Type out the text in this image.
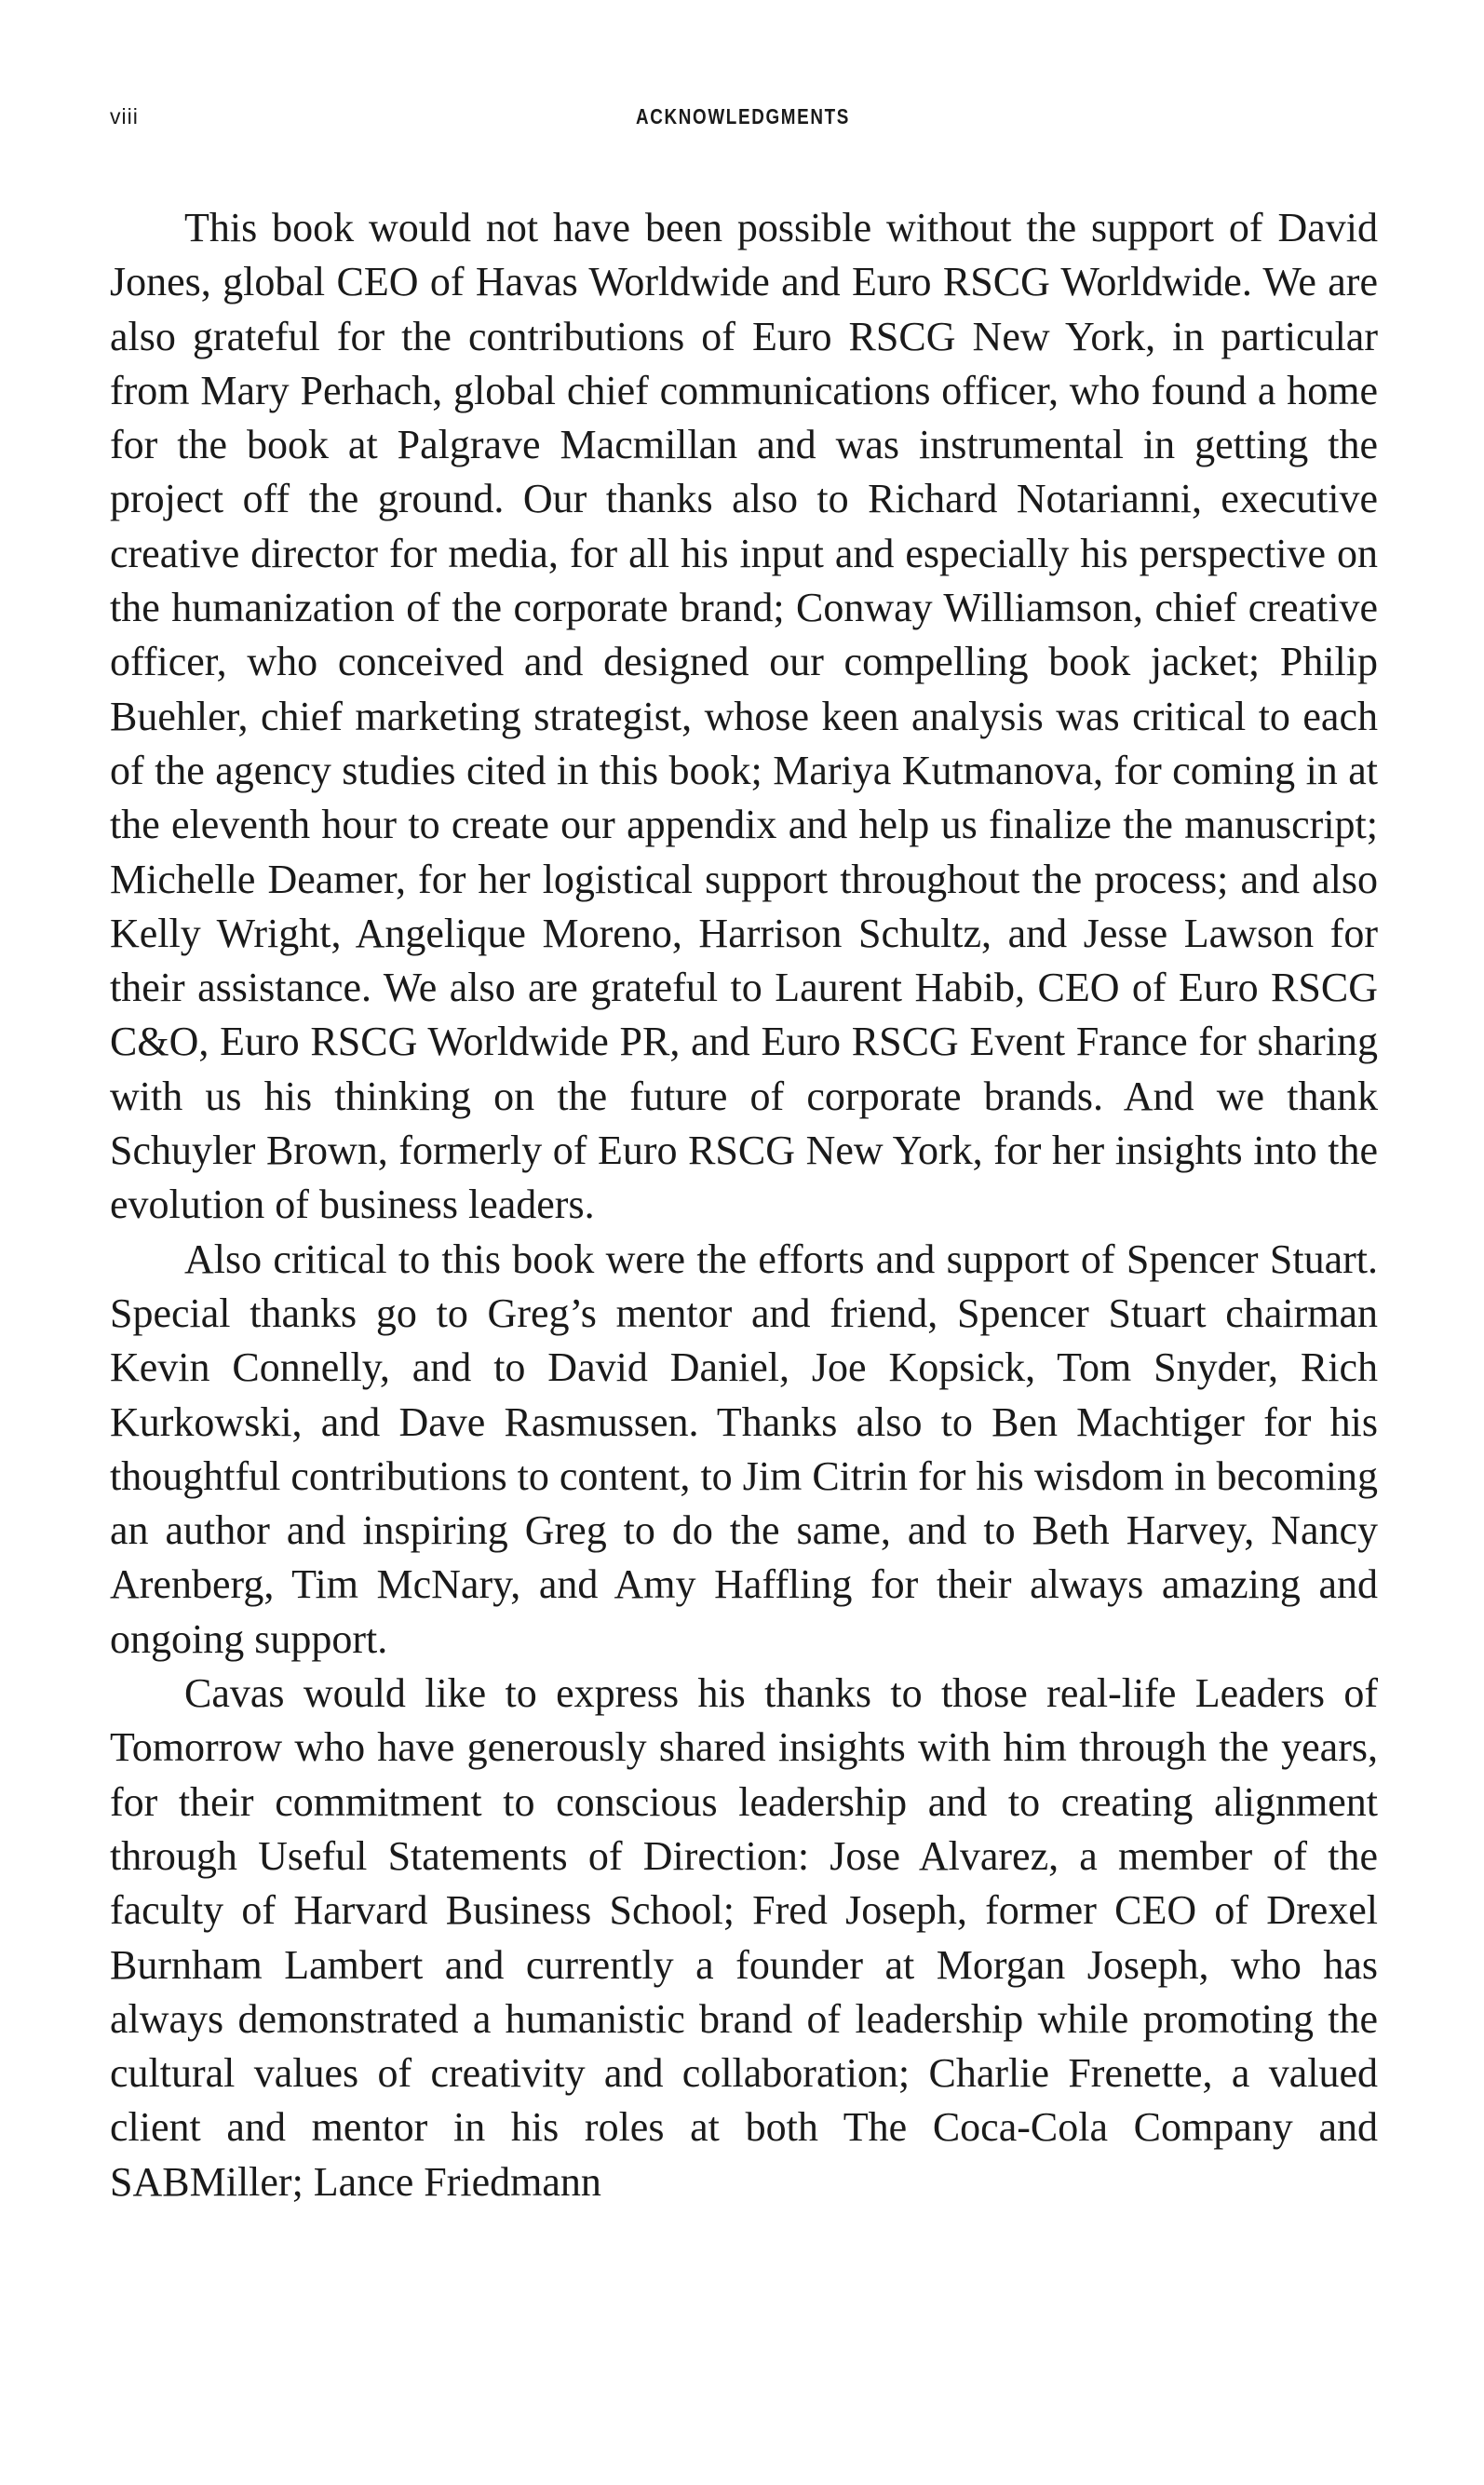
viii	ACKNOWLEDGMENTS

This book would not have been possible without the support of David Jones, global CEO of Havas Worldwide and Euro RSCG Worldwide. We are also grateful for the contributions of Euro RSCG New York, in particular from Mary Perhach, global chief communications officer, who found a home for the book at Palgrave Macmillan and was instrumental in getting the project off the ground. Our thanks also to Richard Notarianni, executive creative director for media, for all his input and especially his perspective on the humanization of the corporate brand; Conway Williamson, chief creative officer, who conceived and designed our compelling book jacket; Philip Buehler, chief marketing strategist, whose keen analysis was critical to each of the agency studies cited in this book; Mariya Kutmanova, for coming in at the eleventh hour to create our appendix and help us finalize the manuscript; Michelle Deamer, for her logistical support throughout the process; and also Kelly Wright, Angelique Moreno, Harrison Schultz, and Jesse Lawson for their assistance. We also are grateful to Laurent Habib, CEO of Euro RSCG C&O, Euro RSCG Worldwide PR, and Euro RSCG Event France for sharing with us his thinking on the future of corporate brands. And we thank Schuyler Brown, formerly of Euro RSCG New York, for her insights into the evolution of business leaders.

Also critical to this book were the efforts and support of Spencer Stuart. Special thanks go to Greg’s mentor and friend, Spencer Stuart chairman Kevin Connelly, and to David Daniel, Joe Kopsick, Tom Snyder, Rich Kurkowski, and Dave Rasmussen. Thanks also to Ben Machtiger for his thoughtful contributions to content, to Jim Citrin for his wisdom in becoming an author and inspiring Greg to do the same, and to Beth Harvey, Nancy Arenberg, Tim McNary, and Amy Haffling for their always amazing and ongoing support.

Cavas would like to express his thanks to those real-life Leaders of Tomorrow who have generously shared insights with him through the years, for their commitment to conscious leadership and to creating alignment through Useful Statements of Direction: Jose Alvarez, a member of the faculty of Harvard Business School; Fred Joseph, former CEO of Drexel Burnham Lambert and currently a founder at Morgan Joseph, who has always demonstrated a humanistic brand of leadership while promoting the cultural values of creativity and collaboration; Charlie Frenette, a valued client and mentor in his roles at both The Coca-Cola Company and SABMiller; Lance Friedmann
